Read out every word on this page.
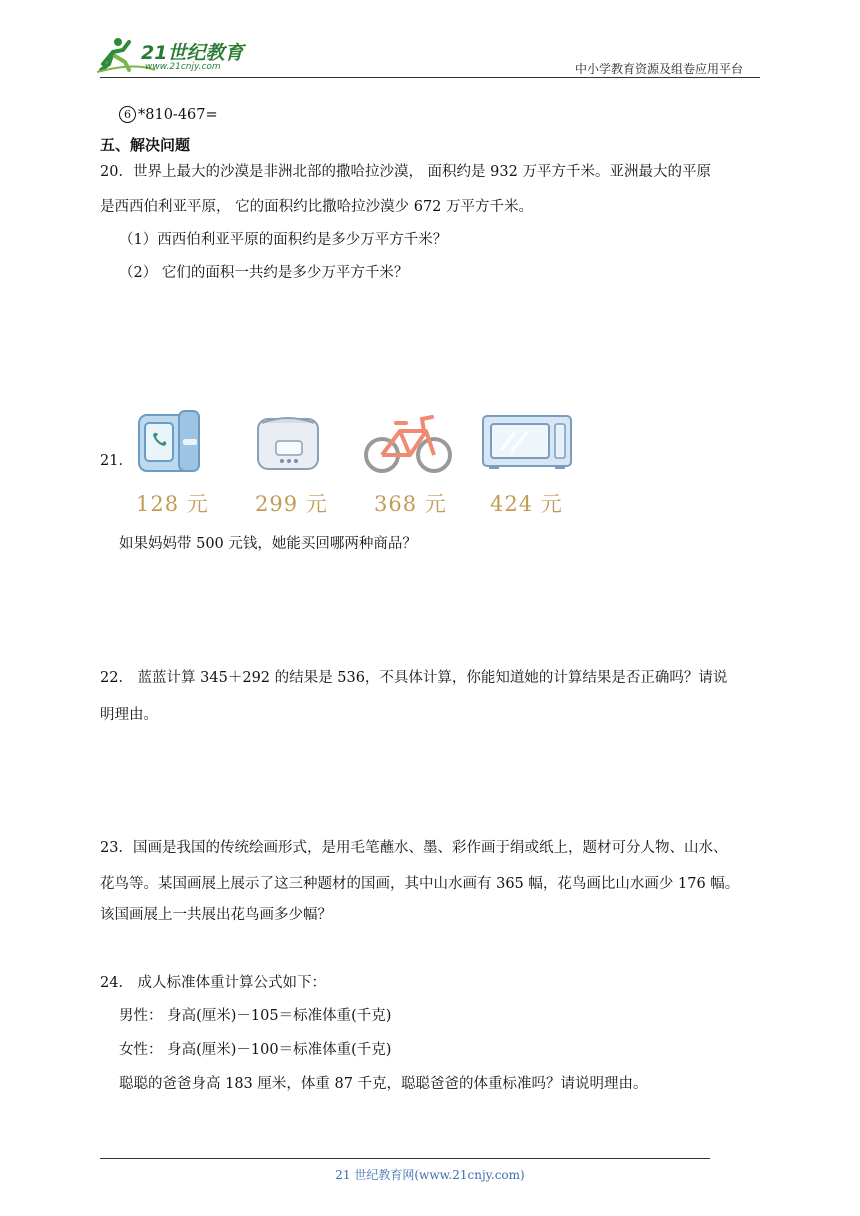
21世纪教育
www.21cnjy.com	中小学教育资源及组卷应用平台
6 *810-467=
五、解决问题
20．世界上最大的沙漠是非洲北部的撒哈拉沙漠， 面积约是 932 万平方千米。亚洲最大的平原
是西西伯利亚平原， 它的面积约比撒哈拉沙漠少 672 万平方千米。
（1）西西伯利亚平原的面积约是多少万平方千米？
（2） 它们的面积一共约是多少万平方千米？
21．
128 元 299 元 368 元 424 元
如果妈妈带 500 元钱，她能买回哪两种商品？
22． 蓝蓝计算 345＋292 的结果是 536，不具体计算，你能知道她的计算结果是否正确吗？请说
明理由。
23．国画是我国的传统绘画形式，是用毛笔蘸水、墨、彩作画于绢或纸上，题材可分人物、山水、
花鸟等。某国画展上展示了这三种题材的国画，其中山水画有 365 幅，花鸟画比山水画少 176 幅。
该国画展上一共展出花鸟画多少幅？
24． 成人标准体重计算公式如下：
男性： 身高(厘米)－105＝标准体重(千克)
女性： 身高(厘米)－100＝标准体重(千克)
聪聪的爸爸身高 183 厘米，体重 87 千克，聪聪爸爸的体重标准吗？请说明理由。
21 世纪教育网(www.21cnjy.com)
